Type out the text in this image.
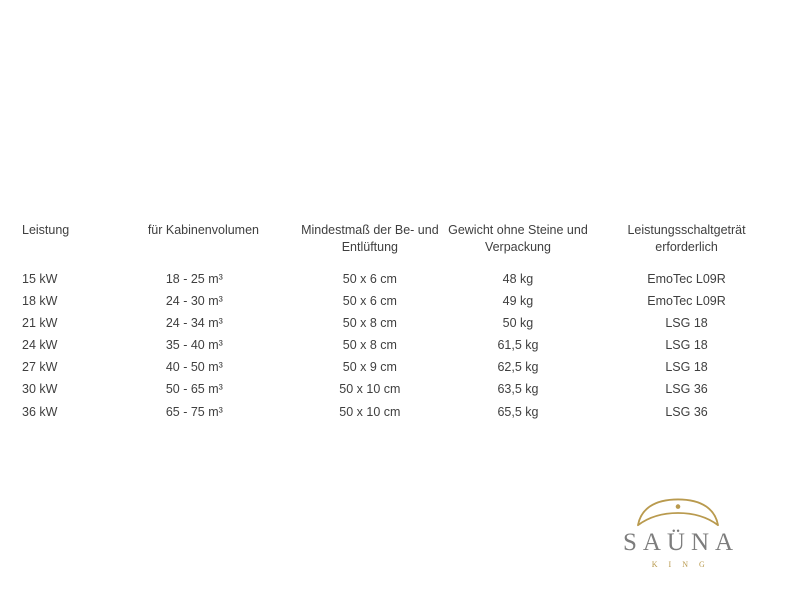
Leistung	für Kabinenvolumen	Mindestmaß der Be- und Entlüftung	Gewicht ohne Steine und Verpackung	Leistungsschaltgeträt erforderlich
15 kW	18 - 25 m³	50 x 6 cm	48 kg	EmoTec L09R
18 kW	24 - 30 m³	50 x 6 cm	49 kg	EmoTec L09R
21 kW	24 - 34 m³	50 x 8 cm	50 kg	LSG 18
24 kW	35 - 40 m³	50 x 8 cm	61,5 kg	LSG 18
27 kW	40 - 50 m³	50 x 9 cm	62,5 kg	LSG 18
30 kW	50 - 65 m³	50 x 10 cm	63,5 kg	LSG 36
36 kW	65 - 75 m³	50 x 10 cm	65,5 kg	LSG 36
SAÜNA
K I N G
